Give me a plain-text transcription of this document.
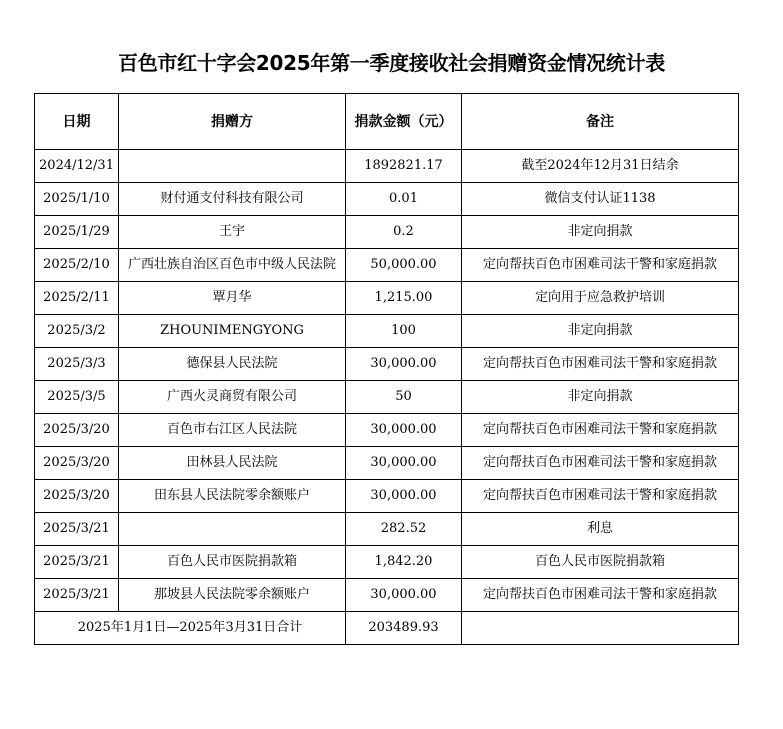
百色市红十字会2025年第一季度接收社会捐赠资金情况统计表
日期	捐赠方	捐款金额（元）	备注
2024/12/31		1892821.17	截至2024年12月31日结余
2025/1/10	财付通支付科技有限公司	0.01	微信支付认证1138
2025/1/29	王宇	0.2	非定向捐款
2025/2/10	广西壮族自治区百色市中级人民法院	50,000.00	定向帮扶百色市困难司法干警和家庭捐款
2025/2/11	覃月华	1,215.00	定向用于应急救护培训
2025/3/2	ZHOUNIMENGYONG	100	非定向捐款
2025/3/3	德保县人民法院	30,000.00	定向帮扶百色市困难司法干警和家庭捐款
2025/3/5	广西火灵商贸有限公司	50	非定向捐款
2025/3/20	百色市右江区人民法院	30,000.00	定向帮扶百色市困难司法干警和家庭捐款
2025/3/20	田林县人民法院	30,000.00	定向帮扶百色市困难司法干警和家庭捐款
2025/3/20	田东县人民法院零余额账户	30,000.00	定向帮扶百色市困难司法干警和家庭捐款
2025/3/21		282.52	利息
2025/3/21	百色人民市医院捐款箱	1,842.20	百色人民市医院捐款箱
2025/3/21	那坡县人民法院零余额账户	30,000.00	定向帮扶百色市困难司法干警和家庭捐款
2025年1月1日—2025年3月31日合计		203489.93	
